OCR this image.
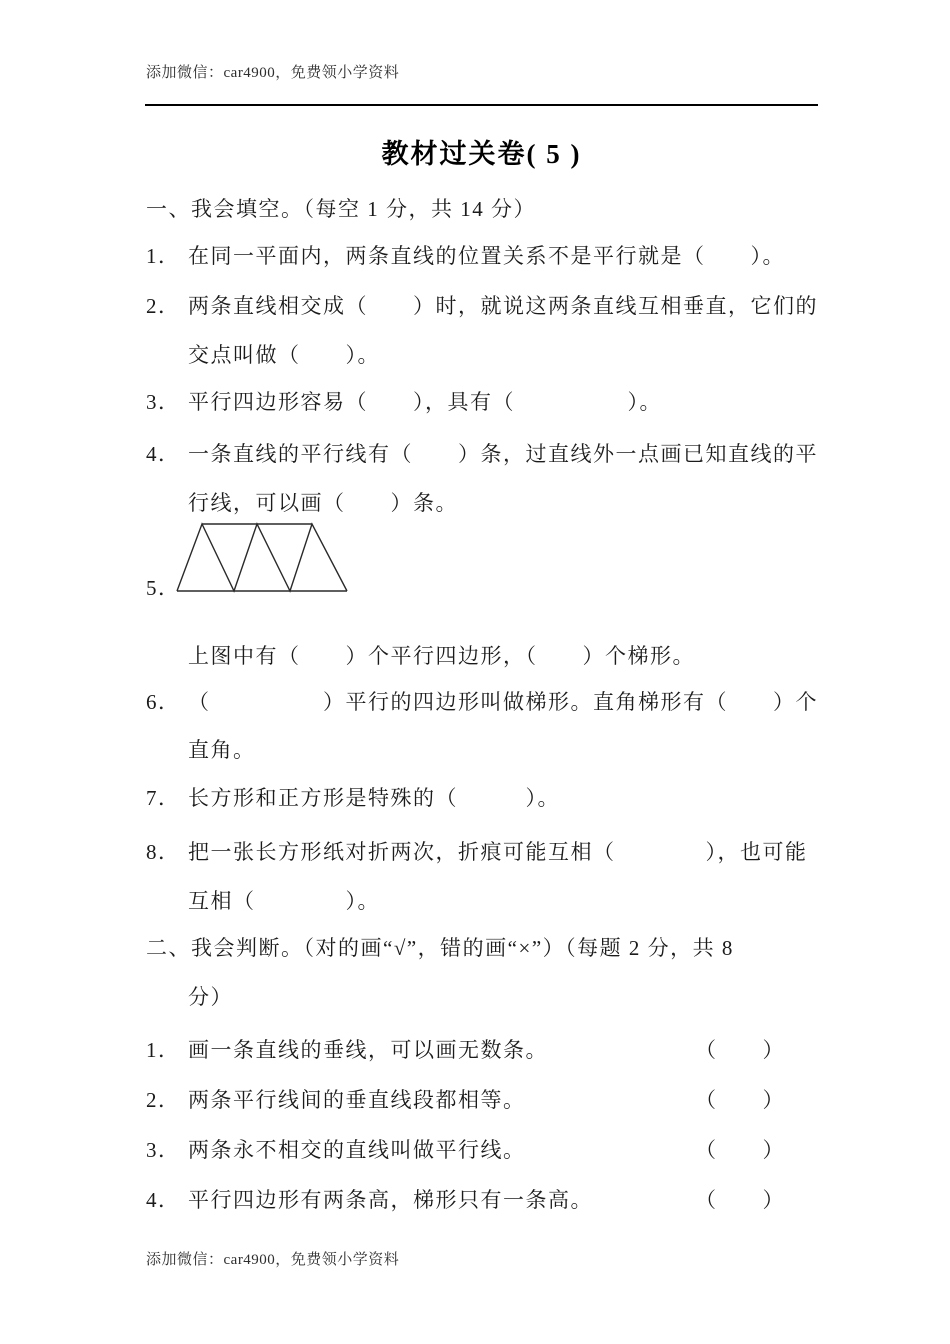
添加微信：car4900，免费领小学资料
教材过关卷( 5 )
一、我会填空。（每空 1 分，共 14 分）
1． 在同一平面内，两条直线的位置关系不是平行就是（　　）。
2． 两条直线相交成（　　）时，就说这两条直线互相垂直，它们的
交点叫做（　　）。
3． 平行四边形容易（　　），具有（　　　　　）。
4． 一条直线的平行线有（　　）条，过直线外一点画已知直线的平
行线，可以画（　　）条。
5．
上图中有（　　）个平行四边形，（　　）个梯形。
6． （　　　　　）平行的四边形叫做梯形。直角梯形有（　　）个
直角。
7． 长方形和正方形是特殊的（　　　）。
8． 把一张长方形纸对折两次，折痕可能互相（　　　　），也可能
互相（　　　　）。
二、我会判断。（对的画“√”，错的画“×”）（每题 2 分，共 8
分）
1． 画一条直线的垂线，可以画无数条。	（　　）
2． 两条平行线间的垂直线段都相等。	（　　）
3． 两条永不相交的直线叫做平行线。	（　　）
4． 平行四边形有两条高，梯形只有一条高。	（　　）
添加微信：car4900，免费领小学资料
